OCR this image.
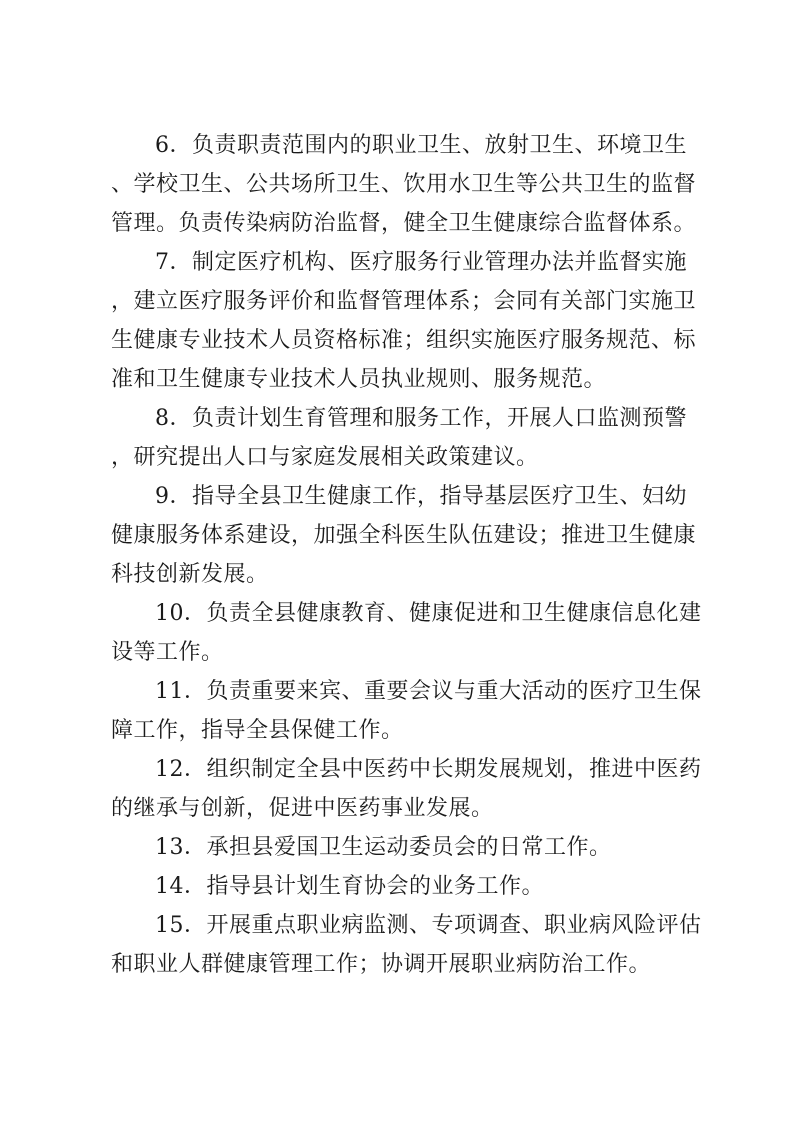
6．负责职责范围内的职业卫生、放射卫生、环境卫生、学校卫生、公共场所卫生、饮用水卫生等公共卫生的监督管理。负责传染病防治监督，健全卫生健康综合监督体系。

7．制定医疗机构、医疗服务行业管理办法并监督实施，建立医疗服务评价和监督管理体系；会同有关部门实施卫生健康专业技术人员资格标准；组织实施医疗服务规范、标准和卫生健康专业技术人员执业规则、服务规范。

8．负责计划生育管理和服务工作，开展人口监测预警，研究提出人口与家庭发展相关政策建议。

9．指导全县卫生健康工作，指导基层医疗卫生、妇幼健康服务体系建设，加强全科医生队伍建设；推进卫生健康科技创新发展。

10．负责全县健康教育、健康促进和卫生健康信息化建设等工作。

11．负责重要来宾、重要会议与重大活动的医疗卫生保障工作，指导全县保健工作。

12．组织制定全县中医药中长期发展规划，推进中医药的继承与创新，促进中医药事业发展。

13．承担县爱国卫生运动委员会的日常工作。

14．指导县计划生育协会的业务工作。

15．开展重点职业病监测、专项调查、职业病风险评估和职业人群健康管理工作；协调开展职业病防治工作。
